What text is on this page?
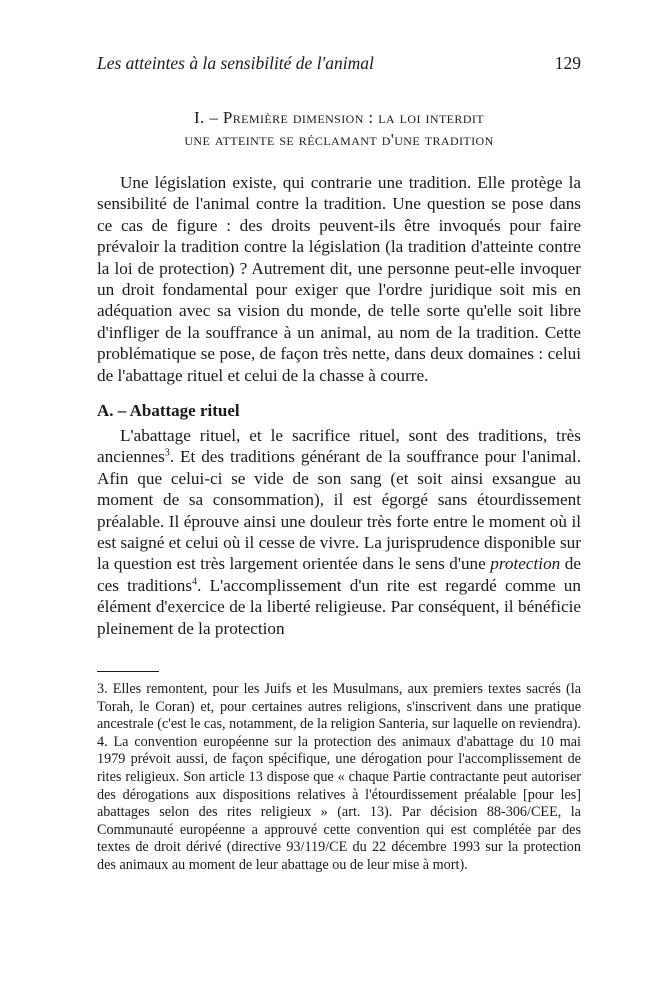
Les atteintes à la sensibilité de l'animal	129
I. – Première dimension : la loi interdit
une atteinte se réclamant d'une tradition

Une législation existe, qui contrarie une tradition. Elle protège la sensibilité de l'animal contre la tradition. Une question se pose dans ce cas de figure : des droits peuvent-ils être invoqués pour faire prévaloir la tradition contre la législation (la tradition d'atteinte contre la loi de protection) ? Autrement dit, une personne peut-elle invoquer un droit fondamental pour exiger que l'ordre juridique soit mis en adéquation avec sa vision du monde, de telle sorte qu'elle soit libre d'infliger de la souffrance à un animal, au nom de la tradition. Cette problématique se pose, de façon très nette, dans deux domaines : celui de l'abattage rituel et celui de la chasse à courre.

A. – Abattage rituel

L'abattage rituel, et le sacrifice rituel, sont des traditions, très anciennes$^3$. Et des traditions générant de la souffrance pour l'animal. Afin que celui-ci se vide de son sang (et soit ainsi exsangue au moment de sa consommation), il est égorgé sans étourdissement préalable. Il éprouve ainsi une douleur très forte entre le moment où il est saigné et celui où il cesse de vivre. La jurisprudence disponible sur la question est très largement orientée dans le sens d'une protection de ces traditions$^4$. L'accomplissement d'un rite est regardé comme un élément d'exercice de la liberté religieuse. Par conséquent, il bénéficie pleinement de la protection

3. Elles remontent, pour les Juifs et les Musulmans, aux premiers textes sacrés (la Torah, le Coran) et, pour certaines autres religions, s'inscrivent dans une pratique ancestrale (c'est le cas, notamment, de la religion Santeria, sur laquelle on reviendra).

4. La convention européenne sur la protection des animaux d'abattage du 10 mai 1979 prévoit aussi, de façon spécifique, une dérogation pour l'accomplissement de rites religieux. Son article 13 dispose que « chaque Partie contractante peut autoriser des dérogations aux dispositions relatives à l'étourdissement préalable [pour les] abattages selon des rites religieux » (art. 13). Par décision 88-306/CEE, la Communauté européenne a approuvé cette convention qui est complétée par des textes de droit dérivé (directive 93/119/CE du 22 décembre 1993 sur la protection des animaux au moment de leur abattage ou de leur mise à mort).
